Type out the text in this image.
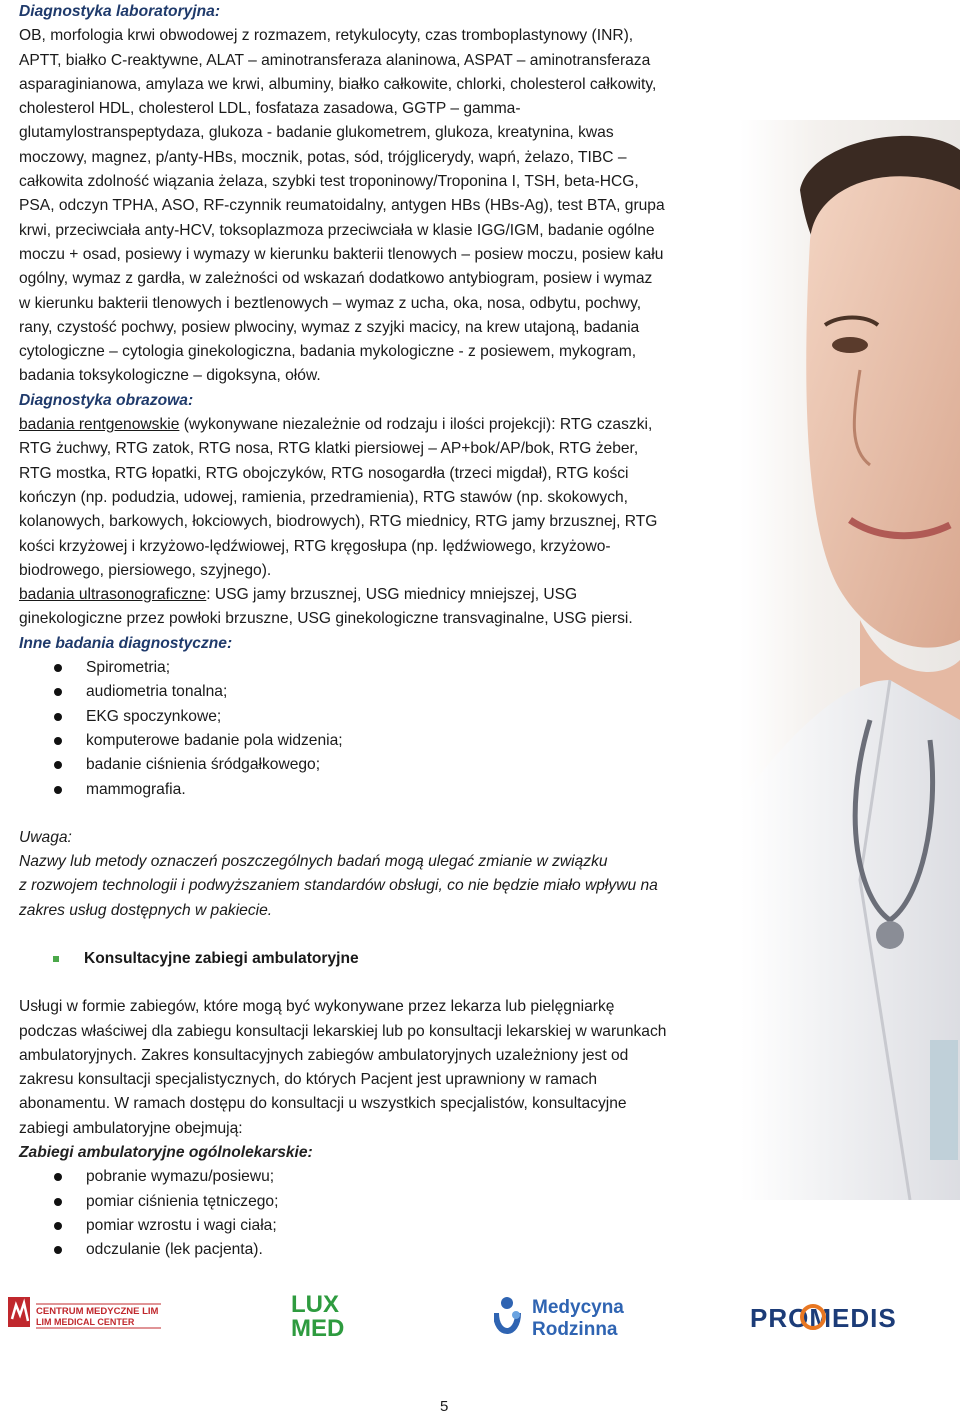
Diagnostyka laboratoryjna:
OB, morfologia krwi obwodowej z rozmazem, retykulocyty, czas tromboplastynowy (INR),
APTT, białko C-reaktywne, ALAT – aminotransferaza alaninowa, ASPAT – aminotransferaza
asparaginianowa, amylaza we krwi, albuminy, białko całkowite, chlorki, cholesterol całkowity,
cholesterol HDL, cholesterol LDL, fosfataza zasadowa, GGTP – gamma-
glutamylostranspeptydaza, glukoza - badanie glukometrem, glukoza, kreatynina, kwas
moczowy, magnez, p/anty-HBs, mocznik, potas, sód, trójglicerydy, wapń, żelazo, TIBC –
całkowita zdolność wiązania żelaza, szybki test troponinowy/Troponina I, TSH, beta-HCG,
PSA, odczyn TPHA, ASO, RF-czynnik reumatoidalny, antygen HBs (HBs-Ag), test BTA, grupa
krwi, przeciwciała anty-HCV, toksoplazmoza przeciwciała w klasie IGG/IGM, badanie ogólne
moczu + osad, posiewy i wymazy w kierunku bakterii tlenowych – posiew moczu, posiew kału
ogólny, wymaz z gardła, w zależności od wskazań dodatkowo antybiogram, posiew i wymaz
w kierunku bakterii tlenowych i beztlenowych – wymaz z ucha, oka, nosa, odbytu, pochwy,
rany, czystość pochwy, posiew plwociny, wymaz z szyjki macicy, na krew utajoną, badania
cytologiczne – cytologia ginekologiczna, badania mykologiczne - z posiewem, mykogram,
badania toksykologiczne – digoksyna, ołów.
Diagnostyka obrazowa:
badania rentgenowskie (wykonywane niezależnie od rodzaju i ilości projekcji): RTG czaszki,
RTG żuchwy, RTG zatok, RTG nosa, RTG klatki piersiowej – AP+bok/AP/bok, RTG żeber,
RTG mostka, RTG łopatki, RTG obojczyków, RTG nosogardła (trzeci migdał), RTG kości
kończyn (np. podudzia, udowej, ramienia, przedramienia), RTG stawów (np. skokowych,
kolanowych, barkowych, łokciowych, biodrowych), RTG miednicy, RTG jamy brzusznej, RTG
kości krzyżowej i krzyżowo-lędźwiowej, RTG kręgosłupa (np. lędźwiowego, krzyżowo-
biodrowego, piersiowego, szyjnego).
badania ultrasonograficzne: USG jamy brzusznej, USG miednicy mniejszej, USG
ginekologiczne przez powłoki brzuszne, USG ginekologiczne transvaginalne, USG piersi.
Inne badania diagnostyczne:
Spirometria;
audiometria tonalna;
EKG spoczynkowe;
komputerowe badanie pola widzenia;
badanie ciśnienia śródgałkowego;
mammografia.
Uwaga:
Nazwy lub metody oznaczeń poszczególnych badań mogą ulegać zmianie w związku
z rozwojem technologii i podwyższaniem standardów obsługi, co nie będzie miało wpływu na
zakres usług dostępnych w pakiecie.
Konsultacyjne zabiegi ambulatoryjne
Usługi w formie zabiegów, które mogą być wykonywane przez lekarza lub pielęgniarkę
podczas właściwej dla zabiegu konsultacji lekarskiej lub po konsultacji lekarskiej w warunkach
ambulatoryjnych. Zakres konsultacyjnych zabiegów ambulatoryjnych uzależniony jest od
zakresu konsultacji specjalistycznych, do których Pacjent jest uprawniony w ramach
abonamentu. W ramach dostępu do konsultacji u wszystkich specjalistów, konsultacyjne
zabiegi ambulatoryjne obejmują:
Zabiegi ambulatoryjne ogólnolekarskie:
pobranie wymazu/posiewu;
pomiar ciśnienia tętniczego;
pomiar wzrostu i wagi ciała;
odczulanie (lek pacjenta).
CENTRUM MEDYCZNE LIM
LIM MEDICAL CENTER
LUX
MED
Medycyna
Rodzinna	PROMEDIS
5
